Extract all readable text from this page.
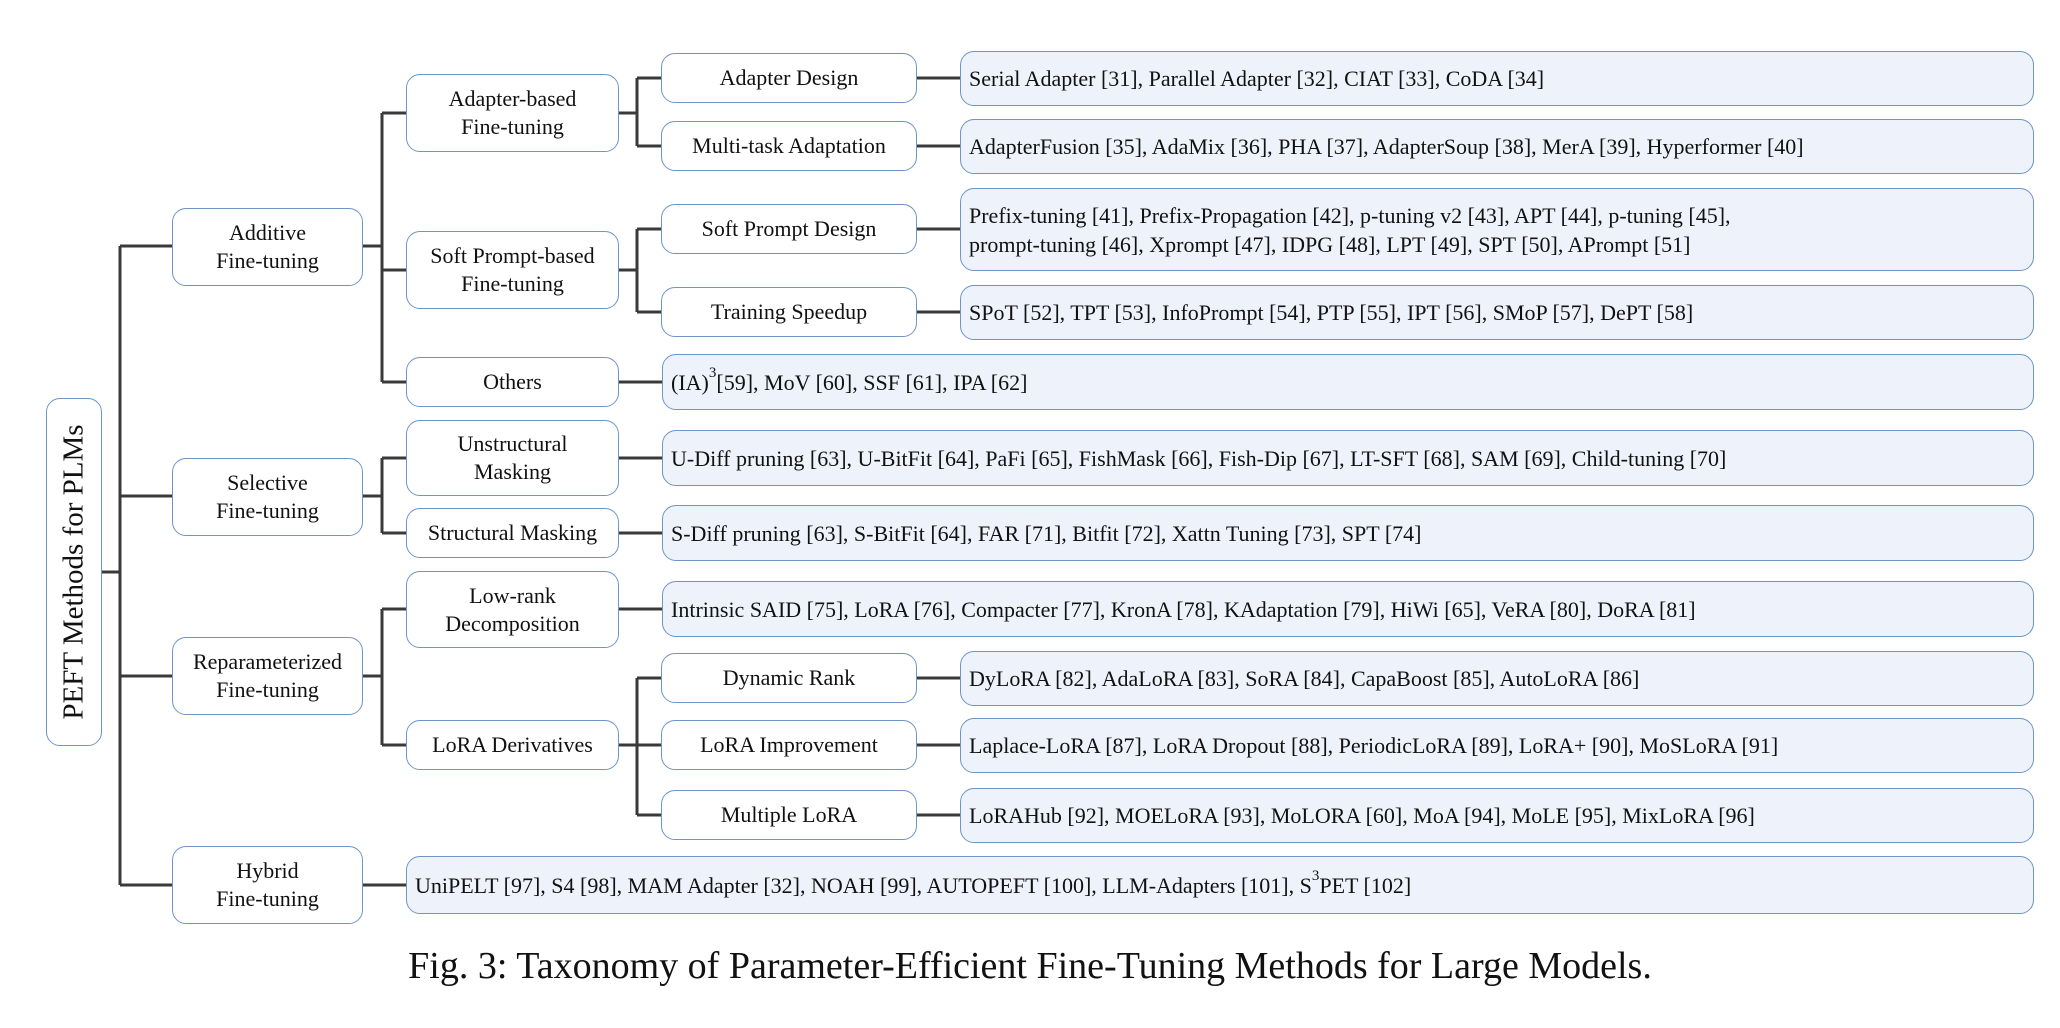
PEFT Methods for PLMs
Additive
Fine-tuning
Selective
Fine-tuning
Reparameterized
Fine-tuning
Hybrid
Fine-tuning
Adapter-based
Fine-tuning
Soft Prompt-based
Fine-tuning
Others
Unstructural
Masking
Structural Masking
Low-rank
Decomposition
LoRA Derivatives
Adapter Design
Multi-task Adaptation
Soft Prompt Design
Training Speedup
Dynamic Rank
LoRA Improvement
Multiple LoRA
Serial Adapter [31], Parallel Adapter [32], CIAT [33], CoDA [34]
AdapterFusion [35], AdaMix [36], PHA [37], AdapterSoup [38], MerA [39], Hyperformer [40]
Prefix-tuning [41], Prefix-Propagation [42], p-tuning v2 [43], APT [44], p-tuning [45],
prompt-tuning [46], Xprompt [47], IDPG [48], LPT [49], SPT [50], APrompt [51]
SPoT [52], TPT [53], InfoPrompt [54], PTP [55], IPT [56], SMoP [57], DePT [58]
(IA)$^3$ [59], MoV [60], SSF [61], IPA [62]
U-Diff pruning [63], U-BitFit [64], PaFi [65], FishMask [66], Fish-Dip [67], LT-SFT [68], SAM [69], Child-tuning [70]
S-Diff pruning [63], S-BitFit [64], FAR [71], Bitfit [72], Xattn Tuning [73], SPT [74]
Intrinsic SAID [75], LoRA [76], Compacter [77], KronA [78], KAdaptation [79], HiWi [65], VeRA [80], DoRA [81]
DyLoRA [82], AdaLoRA [83], SoRA [84], CapaBoost [85], AutoLoRA [86]
Laplace-LoRA [87], LoRA Dropout [88], PeriodicLoRA [89], LoRA+ [90], MoSLoRA [91]
LoRAHub [92], MOELoRA [93], MoLORA [60], MoA [94], MoLE [95], MixLoRA [96]
UniPELT [97], S4 [98], MAM Adapter [32], NOAH [99], AUTOPEFT [100], LLM-Adapters [101], $S^3$ PET [102]
Fig. 3: Taxonomy of Parameter-Efficient Fine-Tuning Methods for Large Models.
